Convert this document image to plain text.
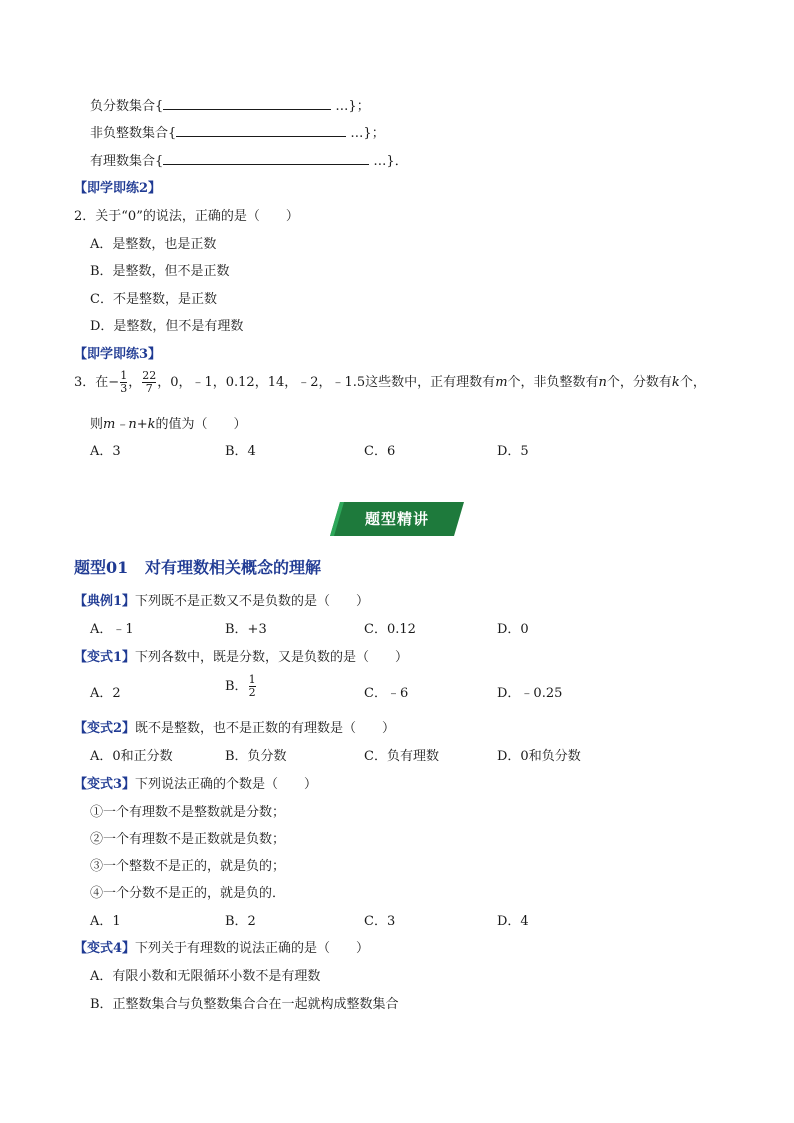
负分数集合{	…}；
非负整数集合{	…}；
有理数集合{	…}．
【即学即练2】
2．关于“0”的说法，正确的是（　　）
A．是整数，也是正数
B．是整数，但不是正数
C．不是整数，是正数
D．是整数，但不是有理数
【即学即练3】
3．在− $\frac{1}{3}$ ， $\frac{22}{7}$ ，0，﹣1，0.12，14，﹣2，﹣1.5这些数中，正有理数有m个，非负整数有n个，分数有k个，
则m﹣n+k的值为（　　）
A．3	B．4	C．6	D．5
题型精讲
题型01 对有理数相关概念的理解
【典例1】下列既不是正数又不是负数的是（　　）
A．﹣1	B．+3	C．0.12	D．0
【变式1】下列各数中，既是分数，又是负数的是（　　）
A．2	B． $\frac{1}{2}$	C．﹣6	D．﹣0.25
【变式2】既不是整数，也不是正数的有理数是（　　）
A．0和正分数	B．负分数	C．负有理数	D．0和负分数
【变式3】下列说法正确的个数是（　　）
①一个有理数不是整数就是分数；
②一个有理数不是正数就是负数；
③一个整数不是正的，就是负的；
④一个分数不是正的，就是负的．
A．1	B．2	C．3	D．4
【变式4】下列关于有理数的说法正确的是（　　）
A．有限小数和无限循环小数不是有理数
B．正整数集合与负整数集合合在一起就构成整数集合
